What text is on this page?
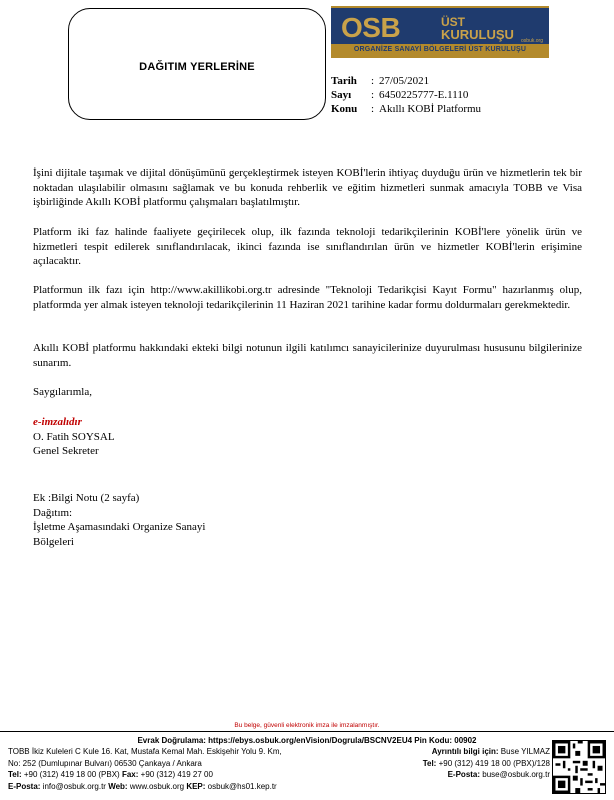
DAĞITIM YERLERİNE
OSB	ÜST
KURULUŞU osbuk.org
ORGANİZE SANAYİ BÖLGELERİ ÜST KURULUŞU
Tarih	: 27/05/2021
Sayı	: 6450225777-E.1110
Konu	: Akıllı KOBİ Platformu

İşini dijitale taşımak ve dijital dönüşümünü gerçekleştirmek isteyen KOBİ'lerin ihtiyaç duyduğu ürün ve hizmetlerin tek bir noktadan ulaşılabilir olmasını sağlamak ve bu konuda rehberlik ve eğitim hizmetleri sunmak amacıyla TOBB ve Visa işbirliğinde Akıllı KOBİ platformu çalışmaları başlatılmıştır.

Platform iki faz halinde faaliyete geçirilecek olup, ilk fazında teknoloji tedarikçilerinin KOBİ'lere yönelik ürün ve hizmetleri tespit edilerek sınıflandırılacak, ikinci fazında ise sınıflandırılan ürün ve hizmetler KOBİ'lerin erişimine açılacaktır.

Platformun ilk fazı için http://www.akillikobi.org.tr adresinde "Teknoloji Tedarikçisi Kayıt Formu" hazırlanmış olup, platformda yer almak isteyen teknoloji tedarikçilerinin 11 Haziran 2021 tarihine kadar formu doldurmaları gerekmektedir.

Akıllı KOBİ platformu hakkındaki ekteki bilgi notunun ilgili katılımcı sanayicilerinize duyurulması hususunu bilgilerinize sunarım.

Saygılarımla,
e-imzalıdır
O. Fatih SOYSAL
Genel Sekreter
Ek :Bilgi Notu (2 sayfa)
Dağıtım:
İşletme Aşamasındaki Organize Sanayi
Bölgeleri
Bu belge, güvenli elektronik imza ile imzalanmıştır.
Evrak Doğrulama: https://ebys.osbuk.org/enVision/Dogrula/BSCNV2EU4 Pin Kodu: 00902
TOBB İkiz Kuleleri C Kule 16. Kat, Mustafa Kemal Mah. Eskişehir Yolu 9. Km,
No: 252 (Dumlupınar Bulvarı) 06530 Çankaya / Ankara
Tel: +90 (312) 419 18 00 (PBX) Fax: +90 (312) 419 27 00
E-Posta: info@osbuk.org.tr Web: www.osbuk.org KEP: osbuk@hs01.kep.tr
Ayrıntılı bilgi için: Buse YILMAZ
Tel: +90 (312) 419 18 00 (PBX)/128
E-Posta: buse@osbuk.org.tr
